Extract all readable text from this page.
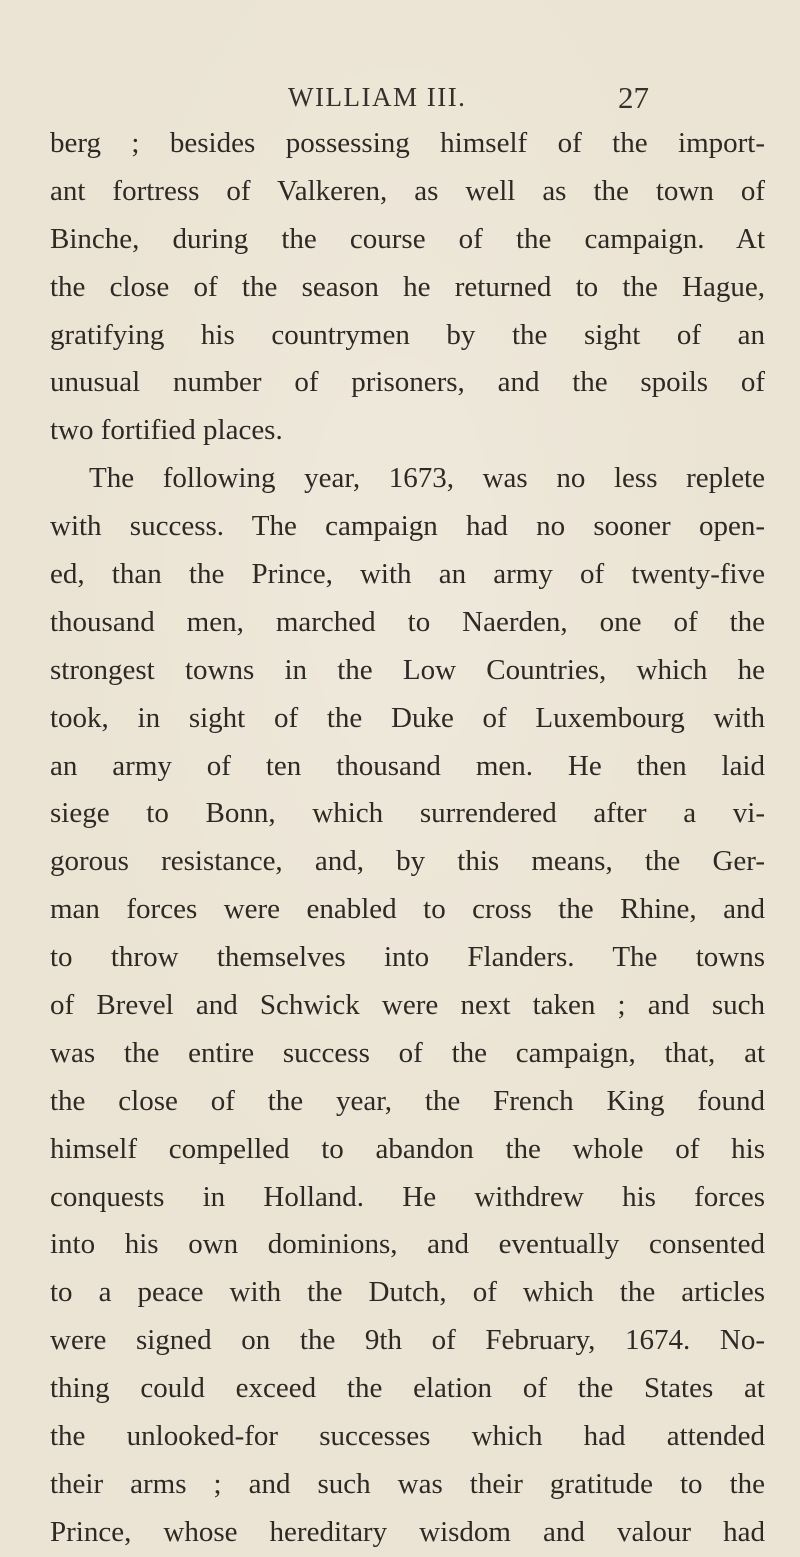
WILLIAM III.	27
berg ; besides possessing himself of the import-
ant fortress of Valkeren, as well as the town of
Binche, during the course of the campaign. At
the close of the season he returned to the Hague,
gratifying his countrymen by the sight of an
unusual number of prisoners, and the spoils of
two fortified places.
The following year, 1673, was no less replete
with success. The campaign had no sooner open-
ed, than the Prince, with an army of twenty-five
thousand men, marched to Naerden, one of the
strongest towns in the Low Countries, which he
took, in sight of the Duke of Luxembourg with
an army of ten thousand men. He then laid
siege to Bonn, which surrendered after a vi-
gorous resistance, and, by this means, the Ger-
man forces were enabled to cross the Rhine, and
to throw themselves into Flanders. The towns
of Brevel and Schwick were next taken ; and such
was the entire success of the campaign, that, at
the close of the year, the French King found
himself compelled to abandon the whole of his
conquests in Holland. He withdrew his forces
into his own dominions, and eventually consented
to a peace with the Dutch, of which the articles
were signed on the 9th of February, 1674. No-
thing could exceed the elation of the States at
the unlooked-for successes which had attended
their arms ; and such was their gratitude to the
Prince, whose hereditary wisdom and valour had
